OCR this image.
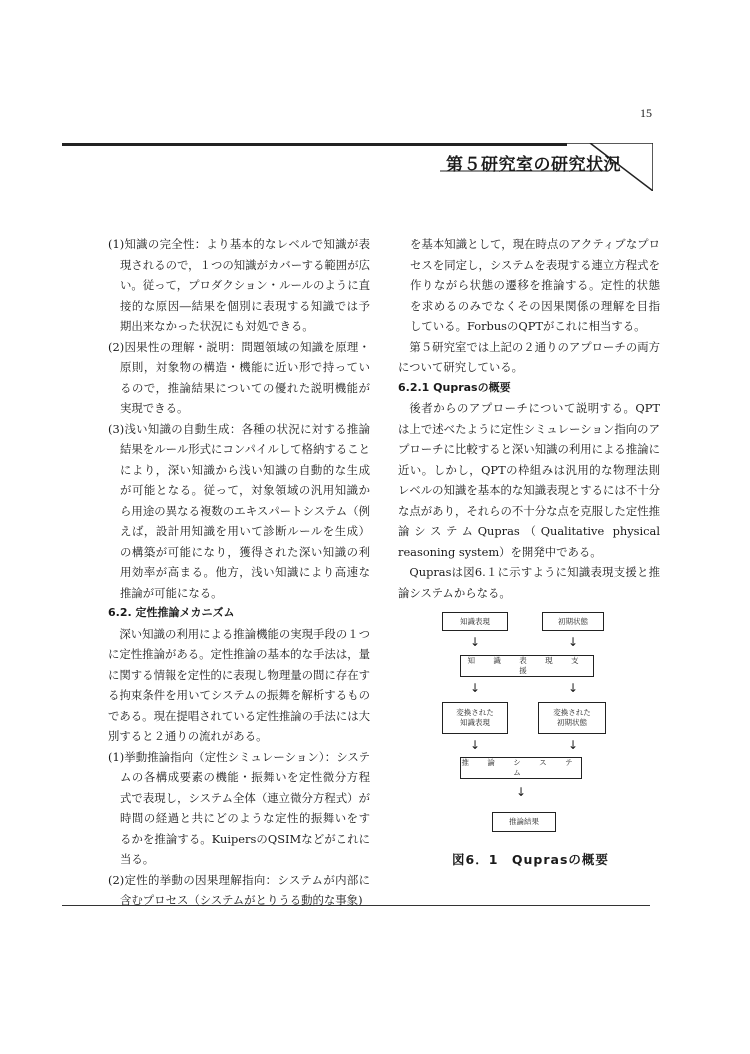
15
第５研究室の研究状況

(1)知識の完全性：より基本的なレベルで知識が表現されるので，１つの知識がカバーする範囲が広い。従って，プロダクション・ルールのように直接的な原因―結果を個別に表現する知識では予期出来なかった状況にも対処できる。

(2)因果性の理解・説明：問題領域の知識を原理・原則，対象物の構造・機能に近い形で持っているので，推論結果についての優れた説明機能が実現できる。

(3)浅い知識の自動生成：各種の状況に対する推論結果をルール形式にコンパイルして格納することにより，深い知識から浅い知識の自動的な生成が可能となる。従って，対象領域の汎用知識から用途の異なる複数のエキスパートシステム（例えば，設計用知識を用いて診断ルールを生成）の構築が可能になり，獲得された深い知識の利用効率が高まる。他方，浅い知識により高速な推論が可能になる。

6.2. 定性推論メカニズム

深い知識の利用による推論機能の実現手段の１つに定性推論がある。定性推論の基本的な手法は，量に関する情報を定性的に表現し物理量の間に存在する拘束条件を用いてシステムの振舞を解析するものである。現在提唱されている定性推論の手法には大別すると２通りの流れがある。

(1)挙動推論指向（定性シミュレーション）：システムの各構成要素の機能・振舞いを定性微分方程式で表現し，システム全体（連立微分方程式）が時間の経過と共にどのような定性的振舞いをするかを推論する。KuipersのQSIMなどがこれに当る。

(2)定性的挙動の因果理解指向：システムが内部に含むプロセス（システムがとりうる動的な事象)

を基本知識として，現在時点のアクティブなプロセスを同定し，システムを表現する連立方程式を作りながら状態の遷移を推論する。定性的状態を求めるのみでなくその因果関係の理解を目指している。ForbusのQPTがこれに相当する。

第５研究室では上記の２通りのアプローチの両方について研究している。

6.2.1 Quprasの概要

後者からのアプローチについて説明する。QPTは上で述べたように定性シミュレーション指向のアプローチに比較すると深い知識の利用による推論に近い。しかし，QPTの枠組みは汎用的な物理法則レベルの知識を基本的な知識表現とするには不十分な点があり，それらの不十分な点を克服した定性推論システムQupras（Qualitative physical reasoning system）を開発中である。

Quprasは図6.１に示すように知識表現支援と推論システムからなる。

知識表現	初期状態
↓	↓
知 識 表 現 支 援
↓	↓
変換された
知識表現
変換された
初期状態
↓	↓
推 論 シ ス テ ム
↓
推論結果
図6．1　Quprasの概要
